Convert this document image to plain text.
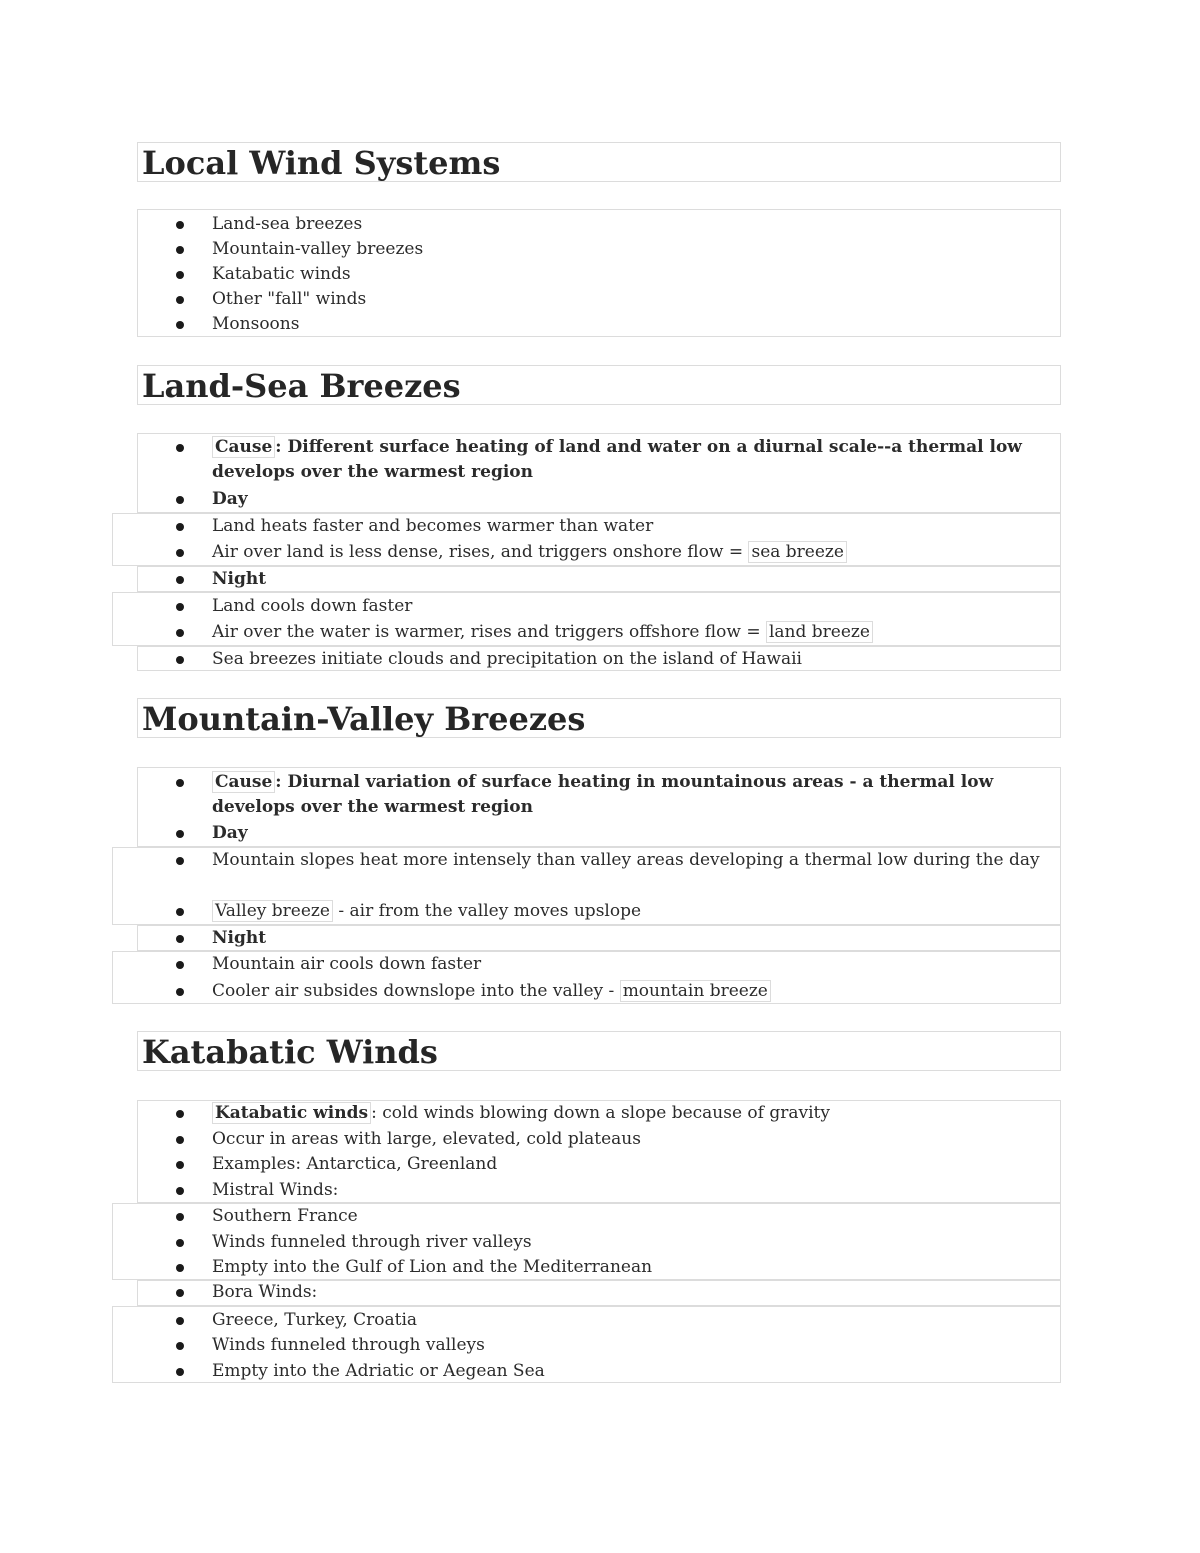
Local Wind Systems
Land-sea breezes
Mountain-valley breezes
Katabatic winds
Other "fall" winds
Monsoons
Land-Sea Breezes
Cause : Different surface heating of land and water on a diurnal scale--a thermal low develops over the warmest region
Day
Land heats faster and becomes warmer than water
Air over land is less dense, rises, and triggers onshore flow = sea breeze
Night
Land cools down faster
Air over the water is warmer, rises and triggers offshore flow = land breeze
Sea breezes initiate clouds and precipitation on the island of Hawaii
Mountain-Valley Breezes
Cause : Diurnal variation of surface heating in mountainous areas - a thermal low develops over the warmest region
Day
Mountain slopes heat more intensely than valley areas developing a thermal low during the day
Valley breeze - air from the valley moves upslope
Night
Mountain air cools down faster
Cooler air subsides downslope into the valley - mountain breeze
Katabatic Winds
Katabatic winds : cold winds blowing down a slope because of gravity
Occur in areas with large, elevated, cold plateaus
Examples: Antarctica, Greenland
Mistral Winds:
Southern France
Winds funneled through river valleys
Empty into the Gulf of Lion and the Mediterranean
Bora Winds:
Greece, Turkey, Croatia
Winds funneled through valleys
Empty into the Adriatic or Aegean Sea
